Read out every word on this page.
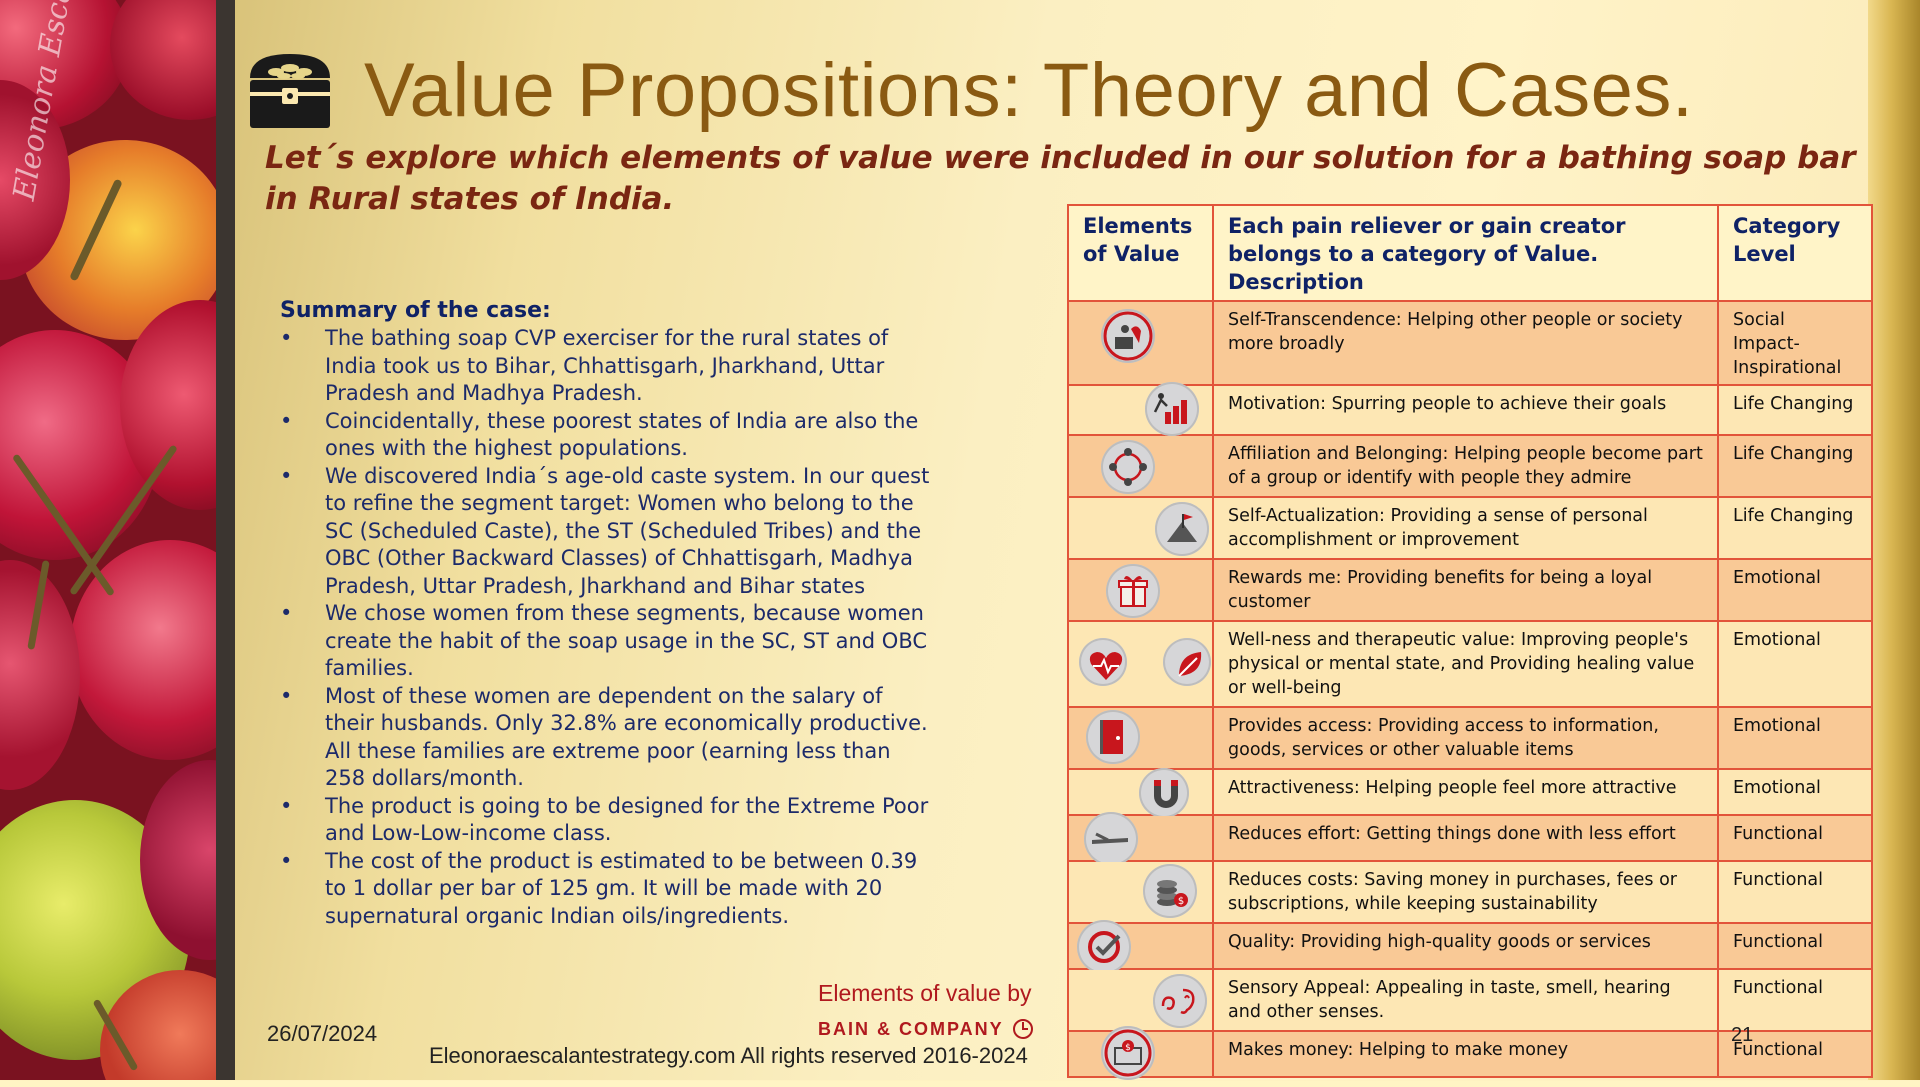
Value Propositions: Theory and Cases.
Let´s explore which elements of value were included in our solution for a bathing soap bar in Rural states of India.
Summary of the case:
• The bathing soap CVP exerciser for the rural states of India took us to Bihar, Chhattisgarh, Jharkhand, Uttar Pradesh and Madhya Pradesh.
• Coincidentally, these poorest states of India are also the ones with the highest populations.
• We discovered India´s age-old caste system. In our quest to refine the segment target: Women who belong to the SC (Scheduled Caste), the ST (Scheduled Tribes) and the OBC (Other Backward Classes) of Chhattisgarh, Madhya Pradesh, Uttar Pradesh, Jharkhand and Bihar states
• We chose women from these segments, because women create the habit of the soap usage in the SC, ST and OBC families.
• Most of these women are dependent on the salary of their husbands. Only 32.8% are economically productive. All these families are extreme poor (earning less than 258 dollars/month.
• The product is going to be designed for the Extreme Poor and Low-Low-income class.
• The cost of the product is estimated to be between 0.39 to 1 dollar per bar of 125 gm. It will be made with 20 supernatural organic Indian oils/ingredients.
Elements of Value	Each pain reliever or gain creator belongs to a category of Value. Description	Category Level

	Self-Transcendence: Helping other people or society more broadly	Social Impact- Inspirational

	Motivation: Spurring people to achieve their goals	Life Changing

	Affiliation and Belonging: Helping people become part of a group or identify with people they admire	Life Changing

	Self-Actualization: Providing a sense of personal accomplishment or improvement	Life Changing

	Rewards me: Providing benefits for being a loyal customer	Emotional

	Well-ness and therapeutic value: Improving people's physical or mental state, and Providing healing value or well-being	Emotional

	Provides access: Providing access to information, goods, services or other valuable items	Emotional

	Attractiveness: Helping people feel more attractive	Emotional

	Reduces effort: Getting things done with less effort	Functional

$	Reduces costs: Saving money in purchases, fees or subscriptions, while keeping sustainability	Functional

	Quality: Providing high-quality goods or services	Functional

	Sensory Appeal: Appealing in taste, smell, hearing and other senses.	Functional

$	Makes money: Helping to make money	Functional
Elements of value by
BAIN & COMPANY
26/07/2024
Eleonoraescalantestrategy.com All rights reserved 2016-2024
21
